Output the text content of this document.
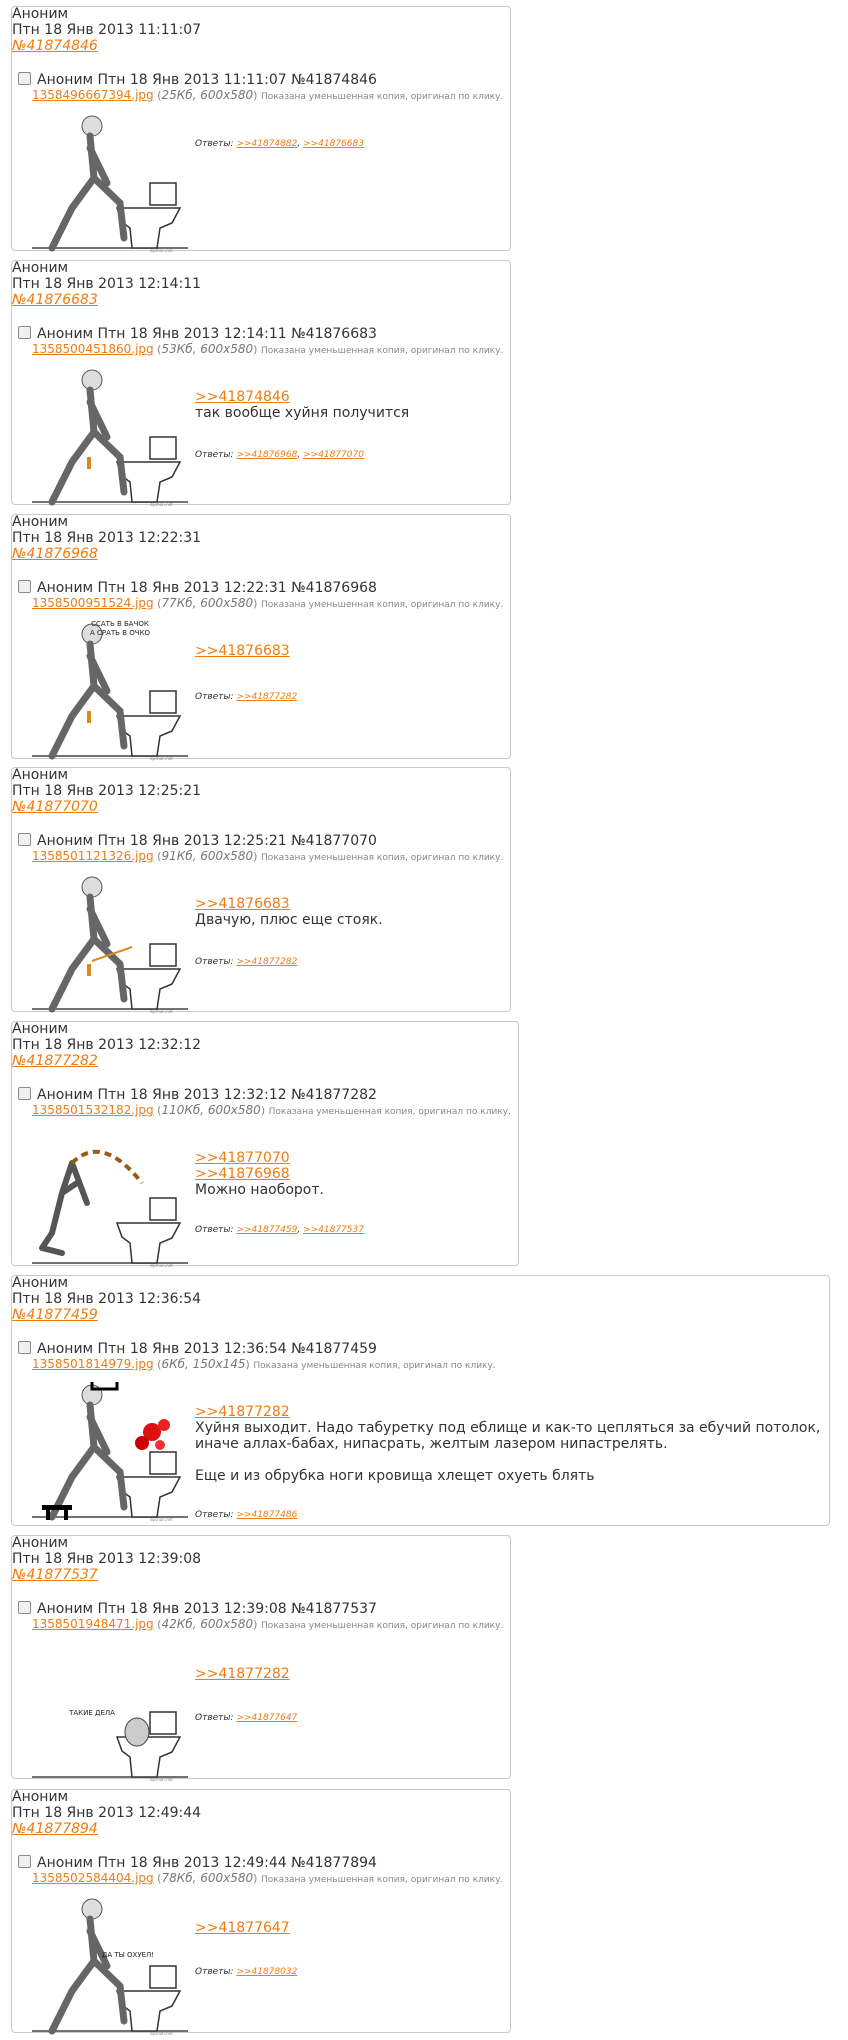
Аноним
Птн 18 Янв 2013 11:11:07
№41874846
Аноним Птн 18 Янв 2013 11:11:07 №41874846
1358496667394.jpg (25Кб, 600x580) Показана уменьшенная копия, оригинал по клику.
dpchan.net
Ответы: >>41874882, >>41876683
Аноним
Птн 18 Янв 2013 12:14:11
№41876683
Аноним Птн 18 Янв 2013 12:14:11 №41876683
1358500451860.jpg (53Кб, 600x580) Показана уменьшенная копия, оригинал по клику.
dpchan.net
>>41874846
так вообще хуйня получится
Ответы: >>41876968, >>41877070
Аноним
Птн 18 Янв 2013 12:22:31
№41876968
Аноним Птн 18 Янв 2013 12:22:31 №41876968
1358500951524.jpg (77Кб, 600x580) Показана уменьшенная копия, оригинал по клику.
ССАТЬ В БАЧОК
А СРАТЬ В ОЧКО
dpchan.net
>>41876683
Ответы: >>41877282
Аноним
Птн 18 Янв 2013 12:25:21
№41877070
Аноним Птн 18 Янв 2013 12:25:21 №41877070
1358501121326.jpg (91Кб, 600x580) Показана уменьшенная копия, оригинал по клику.
dpchan.net
>>41876683
Двачую, плюс еще стояк.
Ответы: >>41877282
Аноним
Птн 18 Янв 2013 12:32:12
№41877282
Аноним Птн 18 Янв 2013 12:32:12 №41877282
1358501532182.jpg (110Кб, 600x580) Показана уменьшенная копия, оригинал по клику.
dpchan.net
>>41877070
>>41876968
Можно наоборот.
Ответы: >>41877459, >>41877537
Аноним
Птн 18 Янв 2013 12:36:54
№41877459
Аноним Птн 18 Янв 2013 12:36:54 №41877459
1358501814979.jpg (6Кб, 150x145) Показана уменьшенная копия, оригинал по клику.
dpchan.net
>>41877282
Хуйня выходит. Надо табуретку под еблище и как-то цепляться за ебучий потолок,
иначе аллах-бабах, нипасрать, желтым лазером нипастрелять.

Еще и из обрубка ноги кровища хлещет охуеть блять
Ответы: >>41877486
Аноним
Птн 18 Янв 2013 12:39:08
№41877537
Аноним Птн 18 Янв 2013 12:39:08 №41877537
1358501948471.jpg (42Кб, 600x580) Показана уменьшенная копия, оригинал по клику.
ТАКИЕ ДЕЛА
dpchan.net
>>41877282
Ответы: >>41877647
Аноним
Птн 18 Янв 2013 12:49:44
№41877894
Аноним Птн 18 Янв 2013 12:49:44 №41877894
1358502584404.jpg (78Кб, 600x580) Показана уменьшенная копия, оригинал по клику.
ДА ТЫ ОХУЕЛ!
dpchan.net
>>41877647
Ответы: >>41878032
